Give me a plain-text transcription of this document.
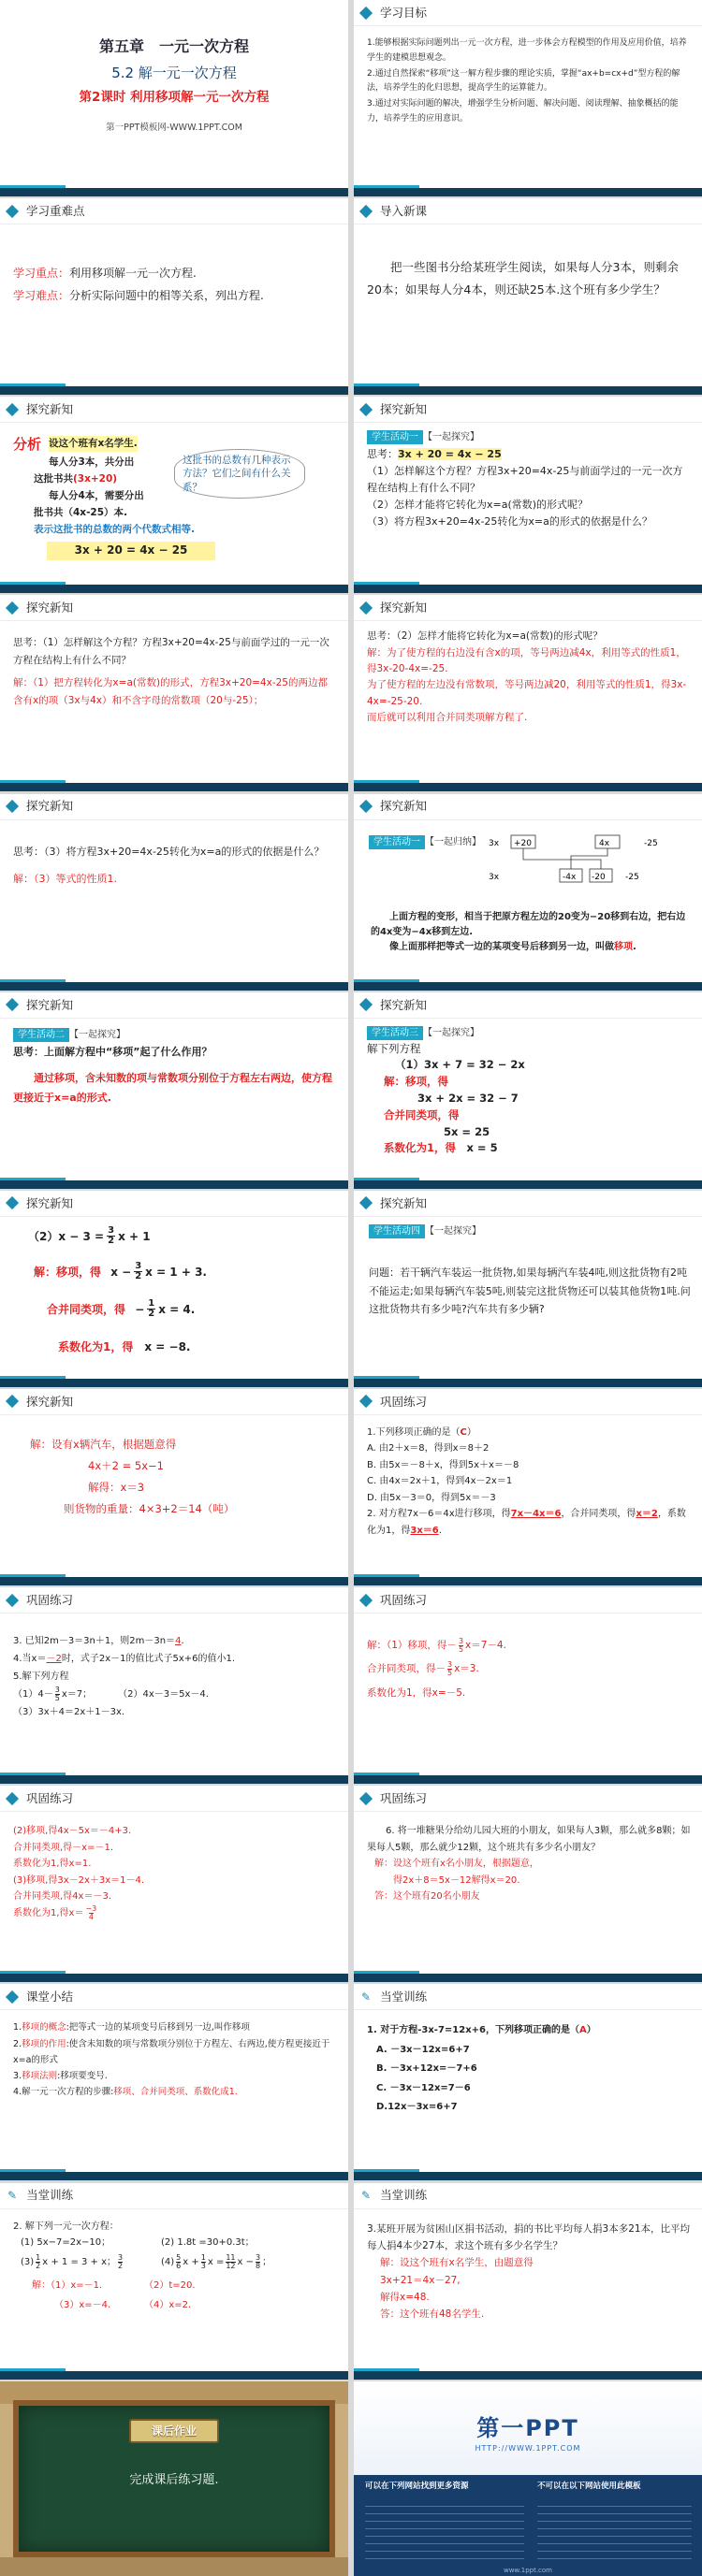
第五章　一元一次方程
5.2 解一元一次方程
第2课时 利用移项解一元一次方程
第一PPT模板网-WWW.1PPT.COM
学习目标
1.能够根据实际问题列出一元一次方程，进一步体会方程模型的作用及应用价值，培养学生的建模思想观念。
2.通过自然探索“移项”这一解方程步骤的理论实质，掌握“ax+b=cx+d”型方程的解法，培养学生的化归思想，提高学生的运算能力。
3.通过对实际问题的解决，增强学生分析问题、解决问题、阅读理解、抽象概括的能力，培养学生的应用意识。
学习重难点
学习重点：利用移项解一元一次方程.
学习难点：分析实际问题中的相等关系，列出方程.
导入新课
把一些图书分给某班学生阅读，如果每人分3本，则剩余20本；如果每人分4本，则还缺25本.这个班有多少学生？
探究新知
分析 设这个班有x名学生.
每人分3本，共分出
这批书共(3x+20)
每人分4本，需要分出
批书共（4x-25）本.
这批书的总数有几种表示方法？它们之间有什么关系？
表示这批书的总数的两个代数式相等.
3x + 20 = 4x − 25
探究新知
学生活动一 【一起探究】
思考：3x + 20 = 4x − 25
（1）怎样解这个方程？方程3x+20=4x-25与前面学过的一元一次方程在结构上有什么不同？
（2）怎样才能将它转化为x=a(常数)的形式呢？
（3）将方程3x+20=4x-25转化为x=a的形式的依据是什么？
探究新知
思考：（1）怎样解这个方程？方程3x+20=4x-25与前面学过的一元一次方程在结构上有什么不同？
解：（1）把方程转化为x=a(常数)的形式，方程3x+20=4x-25的两边都含有x的项（3x与4x）和不含字母的常数项（20与-25）；
探究新知
思考：（2）怎样才能将它转化为x=a(常数)的形式呢？
解：为了使方程的右边没有含x的项，等号两边减4x，利用等式的性质1，得3x-20-4x=-25.
为了使方程的左边没有常数项，等号两边减20，利用等式的性质1，得3x-4x=-25-20.
而后就可以利用合并同类项解方程了.
探究新知
思考：（3）将方程3x+20=4x-25转化为x=a的形式的依据是什么？
解：（3）等式的性质1.
探究新知
学生活动一 【一起归纳】 3x +20	4x	-25
3x	-4x -20 -25
上面方程的变形，相当于把原方程左边的20变为−20移到右边，把右边的4x变为−4x移到左边.
像上面那样把等式一边的某项变号后移到另一边，叫做移项.
探究新知
学生活动二 【一起探究】
思考：上面解方程中“移项”起了什么作用？
通过移项，含未知数的项与常数项分别位于方程左右两边，使方程更接近于x=a的形式.
探究新知
学生活动三 【一起探究】
解下列方程
（1）3x + 7 = 32 − 2x
解：移项，得
3x + 2x = 32 − 7
合并同类项，得
5x = 25
系数化为1，得　 x = 5
探究新知
$(2)x - 3 = \frac{3}{2}$ x + 1
解：移项，得
$x - \frac{3}{2}$ x = 1 + 3.
合并同类项，得
− $\frac{1}{2}$ x = 4.
系数化为1，得　 x = −8.
探究新知
学生活动四 【一起探究】
问题：若干辆汽车装运一批货物,如果每辆汽车装4吨,则这批货物有2吨不能运走;如果每辆汽车装5吨,则装完这批货物还可以装其他货物1吨.问这批货物共有多少吨?汽车共有多少辆?
探究新知
解：设有x辆汽车，根据题意得
4x＋2 = 5x−1
解得：x＝3
则货物的重量：4×3+2＝14（吨）
巩固练习
1.下列移项正确的是（C）
A. 由2＋x＝8，得到x＝8＋2
B. 由5x＝－8＋x，得到5x＋x＝－8
C. 由4x＝2x＋1，得到4x－2x＝1
D. 由5x－3＝0，得到5x＝－3
2. 对方程7x－6＝4x进行移项，得7x－4x＝6，合并同类项，得x＝2，系数化为1，得3x＝6.
巩固练习
3. 已知2m－3＝3n＋1，则2m－3n＝4.
4.当x＝－2时，式子2x－1的值比式子5x+6的值小1.
5.解下列方程
（1）4－ 3
5 x＝7；	（2）4x－3＝5x－4.
（3）3x＋4＝2x＋1－3x.
巩固练习
解：（1）移项，得－ 3
5 x＝7－4.
合并同类项，得－ 3
5 x＝3.
系数化为1，得x=－5.
巩固练习
(2)移项,得4x－5x＝－4+3.
合并同类项,得－x=－1.
系数化为1,得x=1.
(3)移项,得3x－2x＋3x＝1－4.
合并同类项,得4x＝－3.
系数化为1,得x＝ −3
4
巩固练习
6. 将一堆糖果分给幼儿园大班的小朋友，如果每人3颗，那么就多8颗；如果每人5颗，那么就少12颗，这个班共有多少名小朋友？
解：设这个班有x名小朋友，根据题意，
得2x＋8＝5x－12解得x＝20.
答：这个班有20名小朋友
课堂小结
1.移项的概念:把等式一边的某项变号后移到另一边,叫作移项
2.移项的作用:使含未知数的项与常数项分别位于方程左、右两边,使方程更接近于x=a的形式
3.移项法则:移项要变号.
4.解一元一次方程的步骤:移项、合并同类项、系数化成1.
✎ 当堂训练
1. 对于方程-3x-7=12x+6，下列移项正确的是（A）
A. －3x－12x=6+7
B. －3x+12x=－7+6
C. －3x－12x=7－6
D.12x－3x=6+7
✎ 当堂训练
2. 解下列一元一次方程：
(1) 5x−7=2x−10；	(2) 1.8t =30+0.3t；
(3) 1
2 x + 1 = 3 + x； 3
2	(4) 5
6 $x + \frac{1}{3}$ $x = \frac{11}{12}$ $x - \frac{3}{8}$ ；
解：（1）x=－1.	（2）t=20.
（3）x=－4.	（4）x=2.
✎ 当堂训练
3.某班开展为贫困山区捐书活动，捐的书比平均每人捐3本多21本，比平均每人捐4本少27本，求这个班有多少名学生？
解：设这个班有x名学生，由题意得
3x+21＝4x－27,
解得x=48.
答：这个班有48名学生.
课后作业
完成课后练习题.
第一PPT
HTTP://WWW.1PPT.COM
可以在下列网站找到更多资源	不可以在以下网站使用此模板
www.1ppt.com
